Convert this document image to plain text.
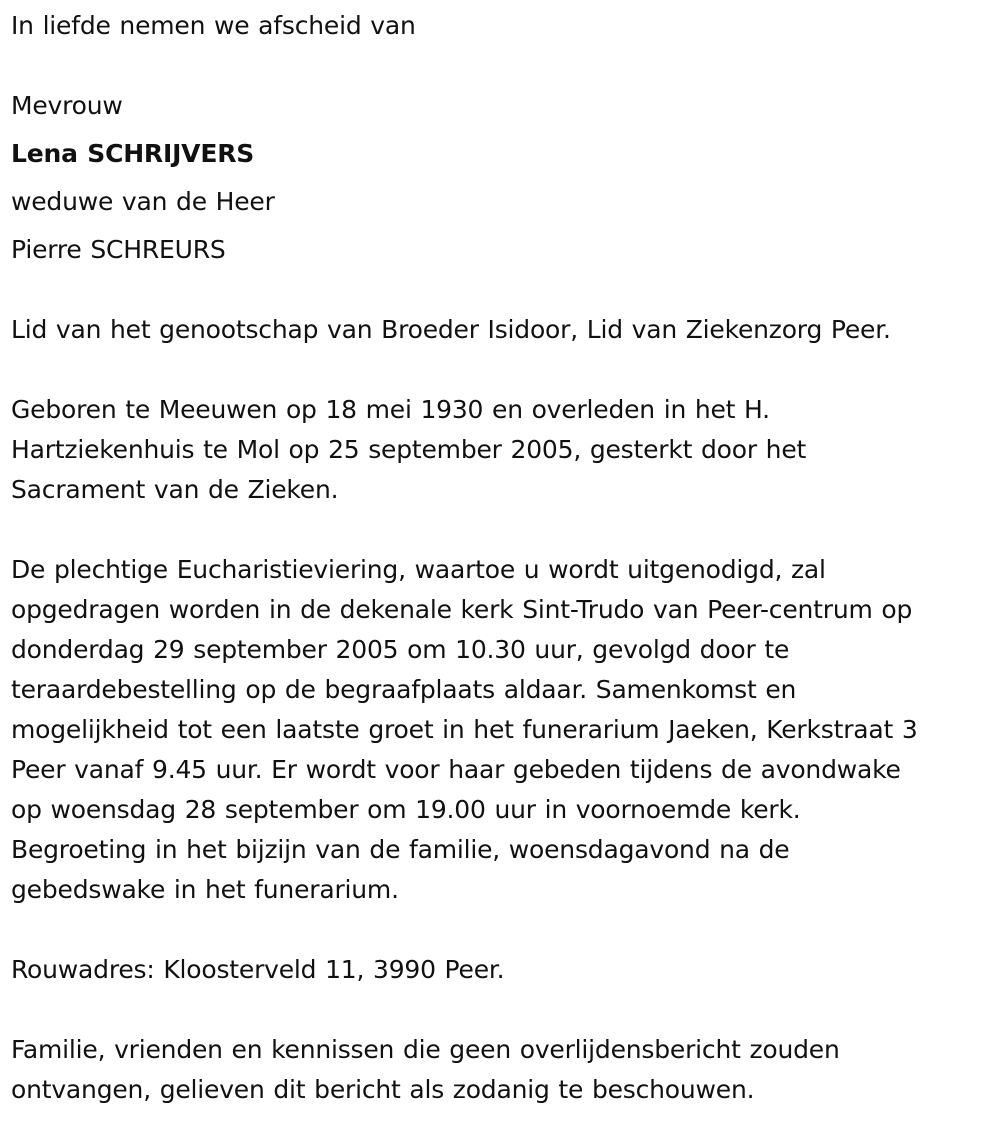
In liefde nemen we afscheid van
Mevrouw
Lena SCHRIJVERS
weduwe van de Heer
Pierre SCHREURS
Lid van het genootschap van Broeder Isidoor, Lid van Ziekenzorg Peer.
Geboren te Meeuwen op 18 mei 1930 en overleden in het H.
Hartziekenhuis te Mol op 25 september 2005, gesterkt door het
Sacrament van de Zieken.
De plechtige Eucharistieviering, waartoe u wordt uitgenodigd, zal
opgedragen worden in de dekenale kerk Sint-Trudo van Peer-centrum op
donderdag 29 september 2005 om 10.30 uur, gevolgd door te
teraardebestelling op de begraafplaats aldaar. Samenkomst en
mogelijkheid tot een laatste groet in het funerarium Jaeken, Kerkstraat 3
Peer vanaf 9.45 uur. Er wordt voor haar gebeden tijdens de avondwake
op woensdag 28 september om 19.00 uur in voornoemde kerk.
Begroeting in het bijzijn van de familie, woensdagavond na de
gebedswake in het funerarium.
Rouwadres: Kloosterveld 11, 3990 Peer.
Familie, vrienden en kennissen die geen overlijdensbericht zouden
ontvangen, gelieven dit bericht als zodanig te beschouwen.
